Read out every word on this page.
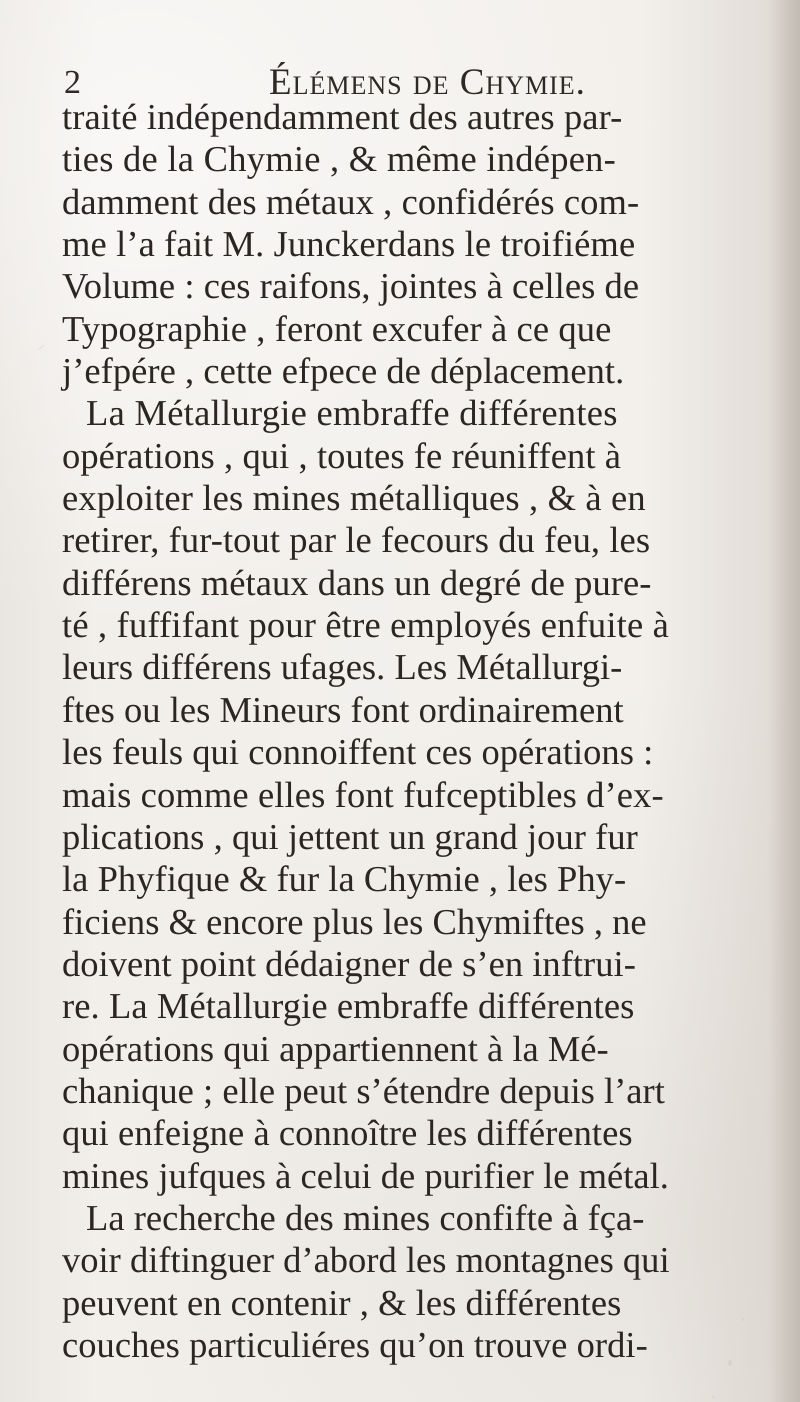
2	Élémens de Chymie.
traité indépendamment des autres par-
ties de la Chymie , & même indépen-
damment des métaux , confidérés com-
me l’a fait M. Junckerdans le troifiéme
Volume : ces raifons, jointes à celles de
Typographie , feront excufer à ce que
j’efpére , cette efpece de déplacement.
La Métallurgie embraffe différentes
opérations , qui , toutes fe réuniffent à
exploiter les mines métalliques , & à en
retirer, fur-tout par le fecours du feu, les
différens métaux dans un degré de pure-
té , fuffifant pour être employés enfuite à
leurs différens ufages. Les Métallurgi-
ftes ou les Mineurs font ordinairement
les feuls qui connoiffent ces opérations :
mais comme elles font fufceptibles d’ex-
plications , qui jettent un grand jour fur
la Phyfique & fur la Chymie , les Phy-
ficiens & encore plus les Chymiftes , ne
doivent point dédaigner de s’en inftrui-
re. La Métallurgie embraffe différentes
opérations qui appartiennent à la Mé-
chanique ; elle peut s’étendre depuis l’art
qui enfeigne à connoître les différentes
mines jufques à celui de purifier le métal.
La recherche des mines confifte à fça-
voir diftinguer d’abord les montagnes qui
peuvent en contenir , & les différentes
couches particuliéres qu’on trouve ordi-
